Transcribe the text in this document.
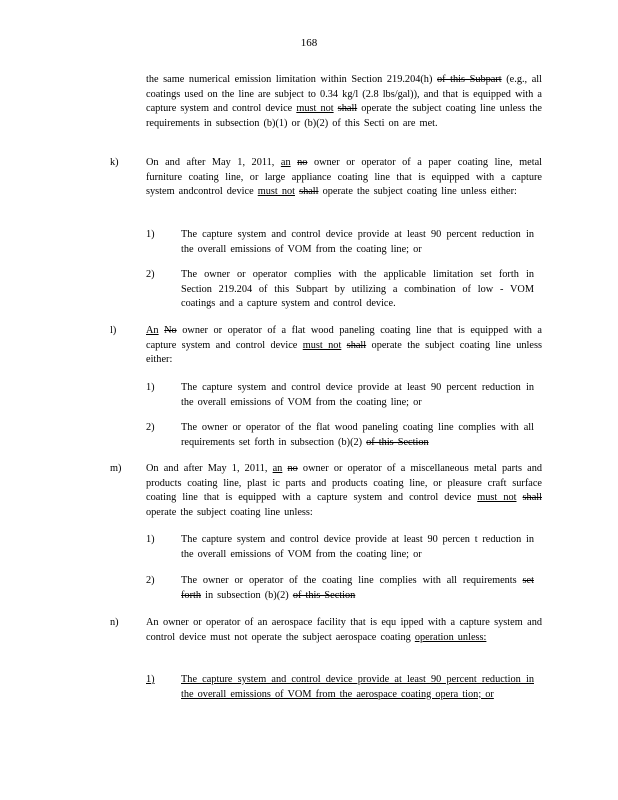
168
the same numerical emission limitation within Section 219.204(h) of this Subpart (e.g., all coatings used on the line are subject to 0.34 kg/l (2.8 lbs/gal)), and that is equipped with a capture system and control device must not shall operate the subject coating line unless the requirements in subsection (b)(1) or (b)(2) of this Secti on are met.
k)	On and after May 1, 2011, an no owner or operator of a paper coating line, metal furniture coating line, or large appliance coating line that is equipped with a capture system andcontrol device must not shall operate the subject coating line unless either:
1)	The capture system and control device provide at least 90 percent reduction in the overall emissions of VOM from the coating line; or
2)	The owner or operator complies with the applicable limitation set forth in Section 219.204 of this Subpart by utilizing a combination of low - VOM coatings and a capture system and control device.
l)	An No owner or operator of a flat wood paneling coating line that is equipped with a capture system and control device must not shall operate the subject coating line unless either:
1)	The capture system and control device provide at least 90 percent reduction in the overall emissions of VOM from the coating line; or
2)	The owner or operator of the flat wood paneling coating line complies with all requirements set forth in subsection (b)(2) of this Section
m) On and after May 1, 2011, an no owner or operator of a miscellaneous metal parts and products coating line, plast ic parts and products coating line, or pleasure craft surface coating line that is equipped with a capture system and control device must not shall operate the subject coating line unless:
1)	The capture system and control device provide at least 90 percen t reduction in the overall emissions of VOM from the coating line; or
2)	The owner or operator of the coating line complies with all requirements set forth in subsection (b)(2) of this Section
n)	An owner or operator of an aerospace facility that is equ ipped with a capture system and control device must not operate the subject aerospace coating operation unless:
1)	The capture system and control device provide at least 90 percent reduction in the overall emissions of VOM from the aerospace coating opera tion; or
